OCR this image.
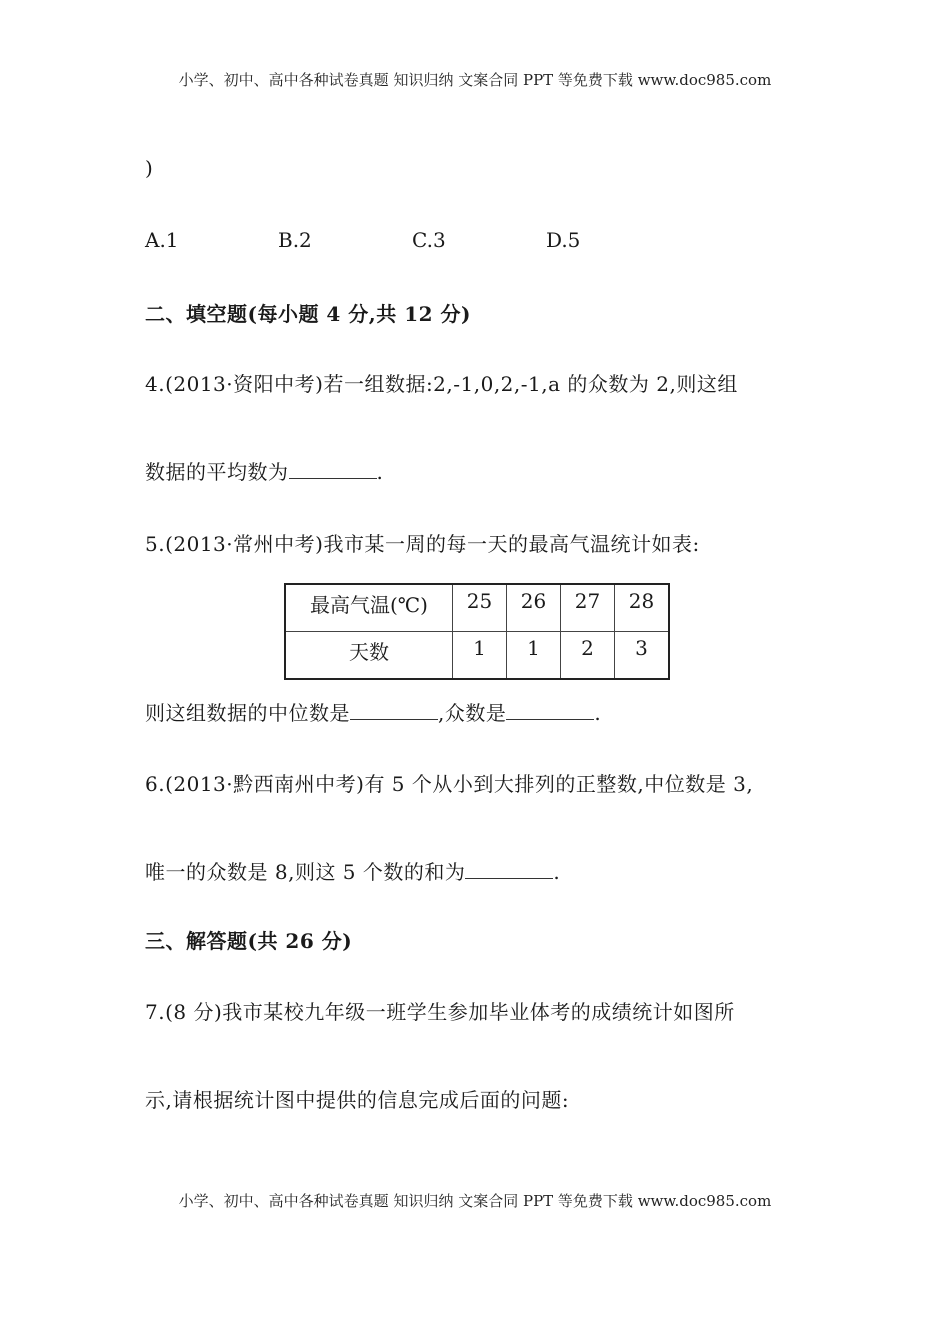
小学、初中、高中各种试卷真题 知识归纳 文案合同 PPT 等免费下载 www.doc985.com
)
A.1	B.2	C.3	D.5
二、填空题(每小题 4 分,共 12 分)
4.(2013·资阳中考)若一组数据:2,-1,0,2,-1,a 的众数为 2,则这组
数据的平均数为	.
5.(2013·常州中考)我市某一周的每一天的最高气温统计如表:
最高气温(℃)	25	26	27	28
天数	1	1	2	3
则这组数据的中位数是	,众数是	.
6.(2013·黔西南州中考)有 5 个从小到大排列的正整数,中位数是 3,
唯一的众数是 8,则这 5 个数的和为	.
三、解答题(共 26 分)
7.(8 分)我市某校九年级一班学生参加毕业体考的成绩统计如图所
示,请根据统计图中提供的信息完成后面的问题:
小学、初中、高中各种试卷真题 知识归纳 文案合同 PPT 等免费下载 www.doc985.com
